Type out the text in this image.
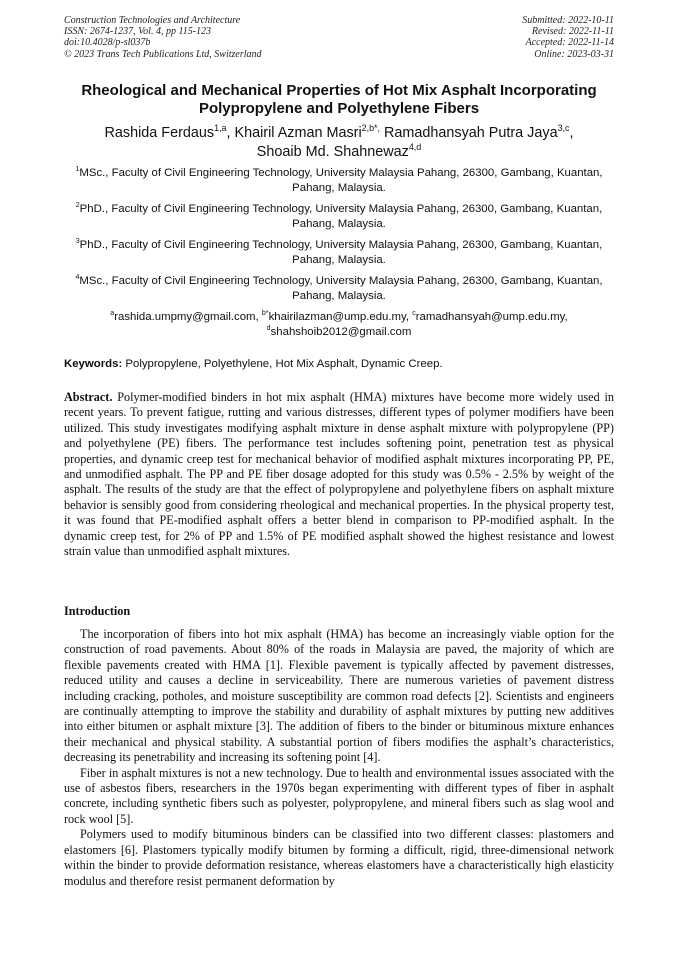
Construction Technologies and Architecture
ISSN: 2674-1237, Vol. 4, pp 115-123
doi:10.4028/p-sl037b
© 2023 Trans Tech Publications Ltd, Switzerland
Submitted: 2022-10-11
Revised: 2022-11-11
Accepted: 2022-11-14
Online: 2023-03-31
Rheological and Mechanical Properties of Hot Mix Asphalt Incorporating Polypropylene and Polyethylene Fibers
Rashida Ferdaus$^{1,a}$, Khairil Azman Masri$^{2,b*,}$ Ramadhansyah Putra Jaya$^{3,c}$,
Shoaib Md. Shahnewaz$^{4,d}$
$^1$MSc., Faculty of Civil Engineering Technology, University Malaysia Pahang, 26300, Gambang, Kuantan, Pahang, Malaysia.
$^2$PhD., Faculty of Civil Engineering Technology, University Malaysia Pahang, 26300, Gambang, Kuantan, Pahang, Malaysia.
$^3$PhD., Faculty of Civil Engineering Technology, University Malaysia Pahang, 26300, Gambang, Kuantan, Pahang, Malaysia.
$^4$MSc., Faculty of Civil Engineering Technology, University Malaysia Pahang, 26300, Gambang, Kuantan, Pahang, Malaysia.
$^a$rashida.umpmy@gmail.com, $^{b*}$khairilazman@ump.edu.my, $^c$ramadhansyah@ump.edu.my,
$^d$shahshoib2012@gmail.com
Keywords: Polypropylene, Polyethylene, Hot Mix Asphalt, Dynamic Creep.
Abstract. Polymer-modified binders in hot mix asphalt (HMA) mixtures have become more widely used in recent years. To prevent fatigue, rutting and various distresses, different types of polymer modifiers have been utilized. This study investigates modifying asphalt mixture in dense asphalt mixture with polypropylene (PP) and polyethylene (PE) fibers. The performance test includes softening point, penetration test as physical properties, and dynamic creep test for mechanical behavior of modified asphalt mixtures incorporating PP, PE, and unmodified asphalt. The PP and PE fiber dosage adopted for this study was 0.5% - 2.5% by weight of the asphalt. The results of the study are that the effect of polypropylene and polyethylene fibers on asphalt mixture behavior is sensibly good from considering rheological and mechanical properties. In the physical property test, it was found that PE-modified asphalt offers a better blend in comparison to PP-modified asphalt. In the dynamic creep test, for 2% of PP and 1.5% of PE modified asphalt showed the highest resistance and lowest strain value than unmodified asphalt mixtures.
Introduction

The incorporation of fibers into hot mix asphalt (HMA) has become an increasingly viable option for the construction of road pavements. About 80% of the roads in Malaysia are paved, the majority of which are flexible pavements created with HMA [1]. Flexible pavement is typically affected by pavement distresses, reduced utility and causes a decline in serviceability. There are numerous varieties of pavement distress including cracking, potholes, and moisture susceptibility are common road defects [2]. Scientists and engineers are continually attempting to improve the stability and durability of asphalt mixtures by putting new additives into either bitumen or asphalt mixture [3]. The addition of fibers to the binder or bituminous mixture enhances their mechanical and physical stability. A substantial portion of fibers modifies the asphalt’s characteristics, decreasing its penetrability and increasing its softening point [4].

Fiber in asphalt mixtures is not a new technology. Due to health and environmental issues associated with the use of asbestos fibers, researchers in the 1970s began experimenting with different types of fiber in asphalt concrete, including synthetic fibers such as polyester, polypropylene, and mineral fibers such as slag wool and rock wool [5].

Polymers used to modify bituminous binders can be classified into two different classes: plastomers and elastomers [6]. Plastomers typically modify bitumen by forming a difficult, rigid, three-dimensional network within the binder to provide deformation resistance, whereas elastomers have a characteristically high elasticity modulus and therefore resist permanent deformation by
